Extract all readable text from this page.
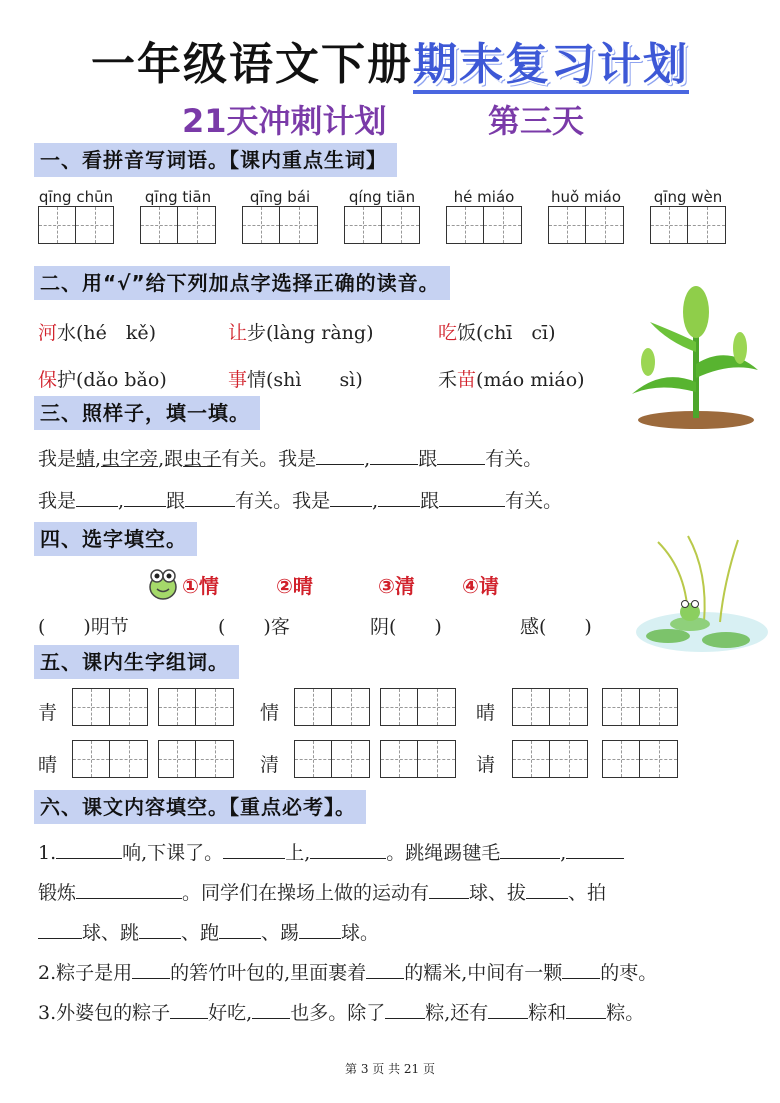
一年级语文下册期末复习计划
21天冲刺计划	第三天
一、看拼音写词语。【课内重点生词】
qīng chūn	qīng tiān	qīng bái	qíng tiān	hé miáo	huǒ miáo qīng wèn
二、用“√”给下列加点字选择正确的读音。
河水(hé　kě)	让步(làng ràng)	吃饭(chī　cī)
保护(dǎo bǎo)	事情(shì　　sì)	禾苗(máo miáo)
三、照样子，填一填。
我是蜻,虫字旁,跟虫子有关。我是	,	跟	有关。
我是 , 跟	有关。我是 , 跟	有关。
四、选字填空。
①情	②晴	③清 ④请
(　　)明节	(　　)客	阴(　　)	感(　　)
五、课内生字组词。
青	情	晴
晴	清	请
六、课文内容填空。【重点必考】。
1.	响,下课了。	上,	。跳绳踢毽毛	,
锻炼	。同学们在操场上做的运动有 球、拔 、拍
球、跳 、跑 、踢 球。
2.粽子是用 的箬竹叶包的,里面裹着 的糯米,中间有一颗 的枣。
3.外婆包的粽子 好吃, 也多。除了 粽,还有 粽和 粽。
第 3 页 共 21 页
